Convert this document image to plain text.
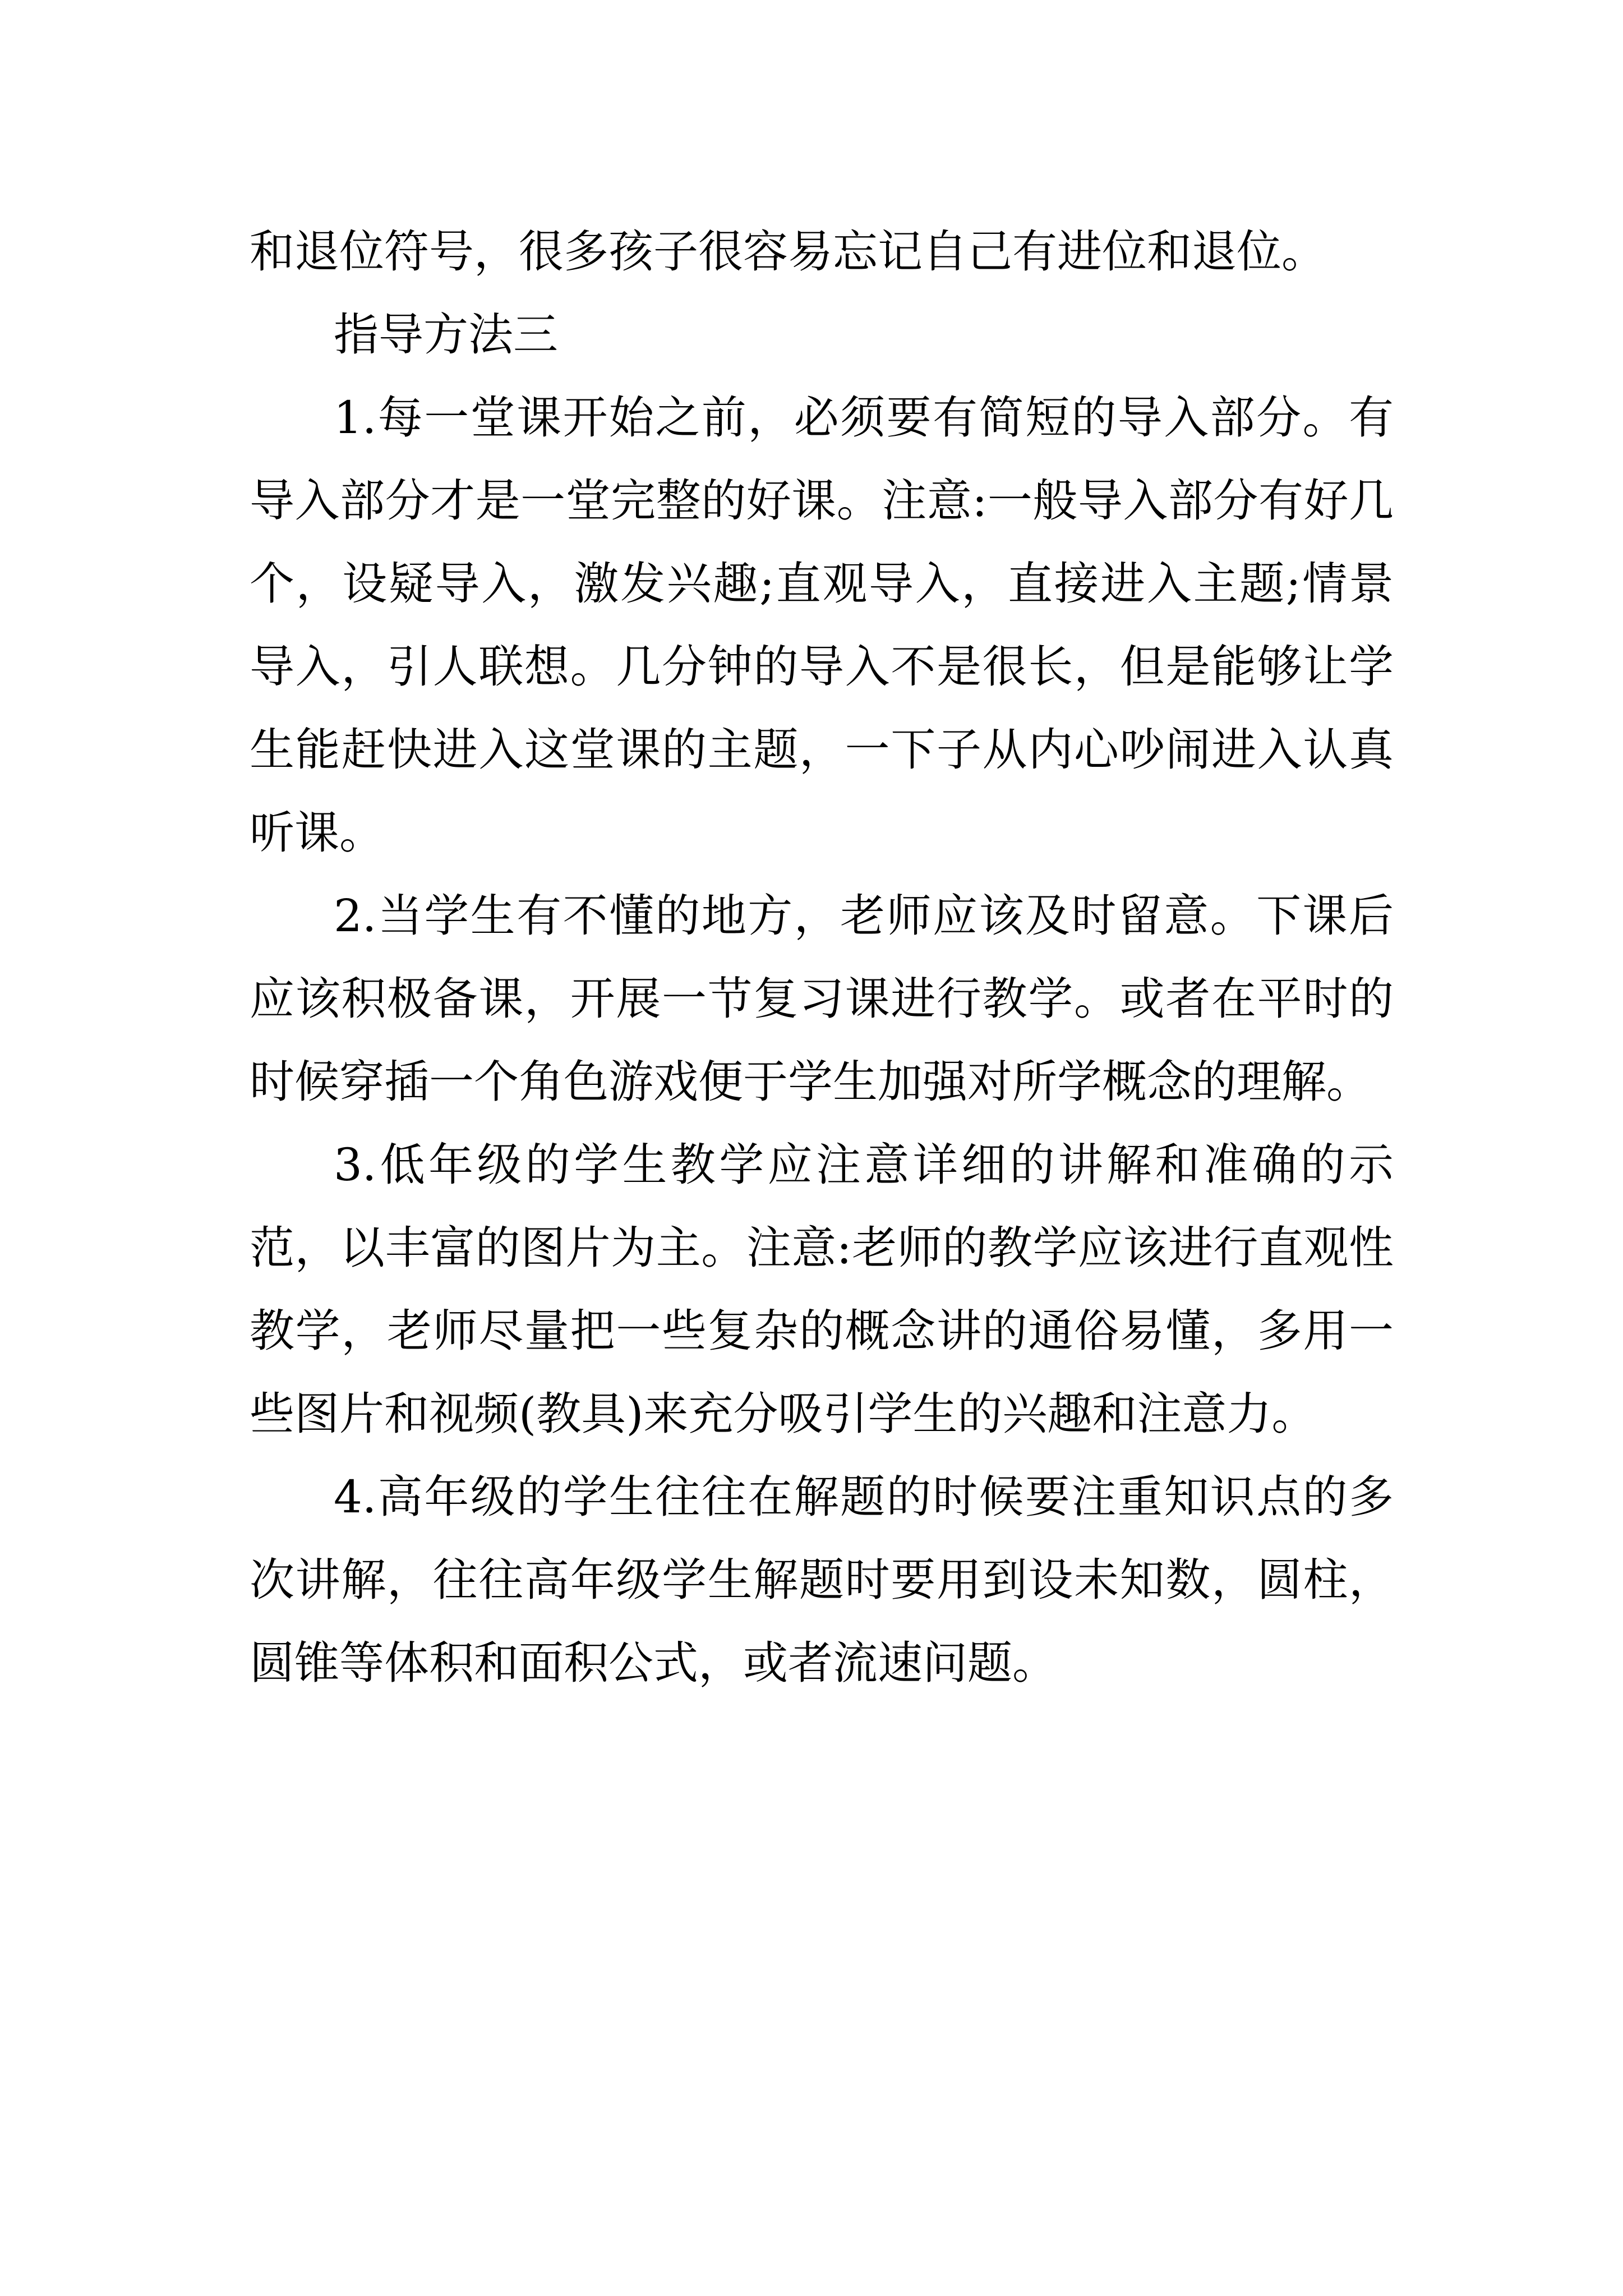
和退位符号，很多孩子很容易忘记自己有进位和退位。

指导方法三

1.每一堂课开始之前，必须要有简短的导入部分。有导入部分才是一堂完整的好课。注意:一般导入部分有好几个，设疑导入，激发兴趣;直观导入，直接进入主题;情景导入，引人联想。几分钟的导入不是很长，但是能够让学生能赶快进入这堂课的主题，一下子从内心吵闹进入认真听课。

2.当学生有不懂的地方，老师应该及时留意。下课后应该积极备课，开展一节复习课进行教学。或者在平时的时候穿插一个角色游戏便于学生加强对所学概念的理解。

3.低年级的学生教学应注意详细的讲解和准确的示范，以丰富的图片为主。注意:老师的教学应该进行直观性教学，老师尽量把一些复杂的概念讲的通俗易懂，多用一些图片和视频(教具)来充分吸引学生的兴趣和注意力。

4.高年级的学生往往在解题的时候要注重知识点的多次讲解，往往高年级学生解题时要用到设未知数，圆柱，圆锥等体积和面积公式，或者流速问题。
